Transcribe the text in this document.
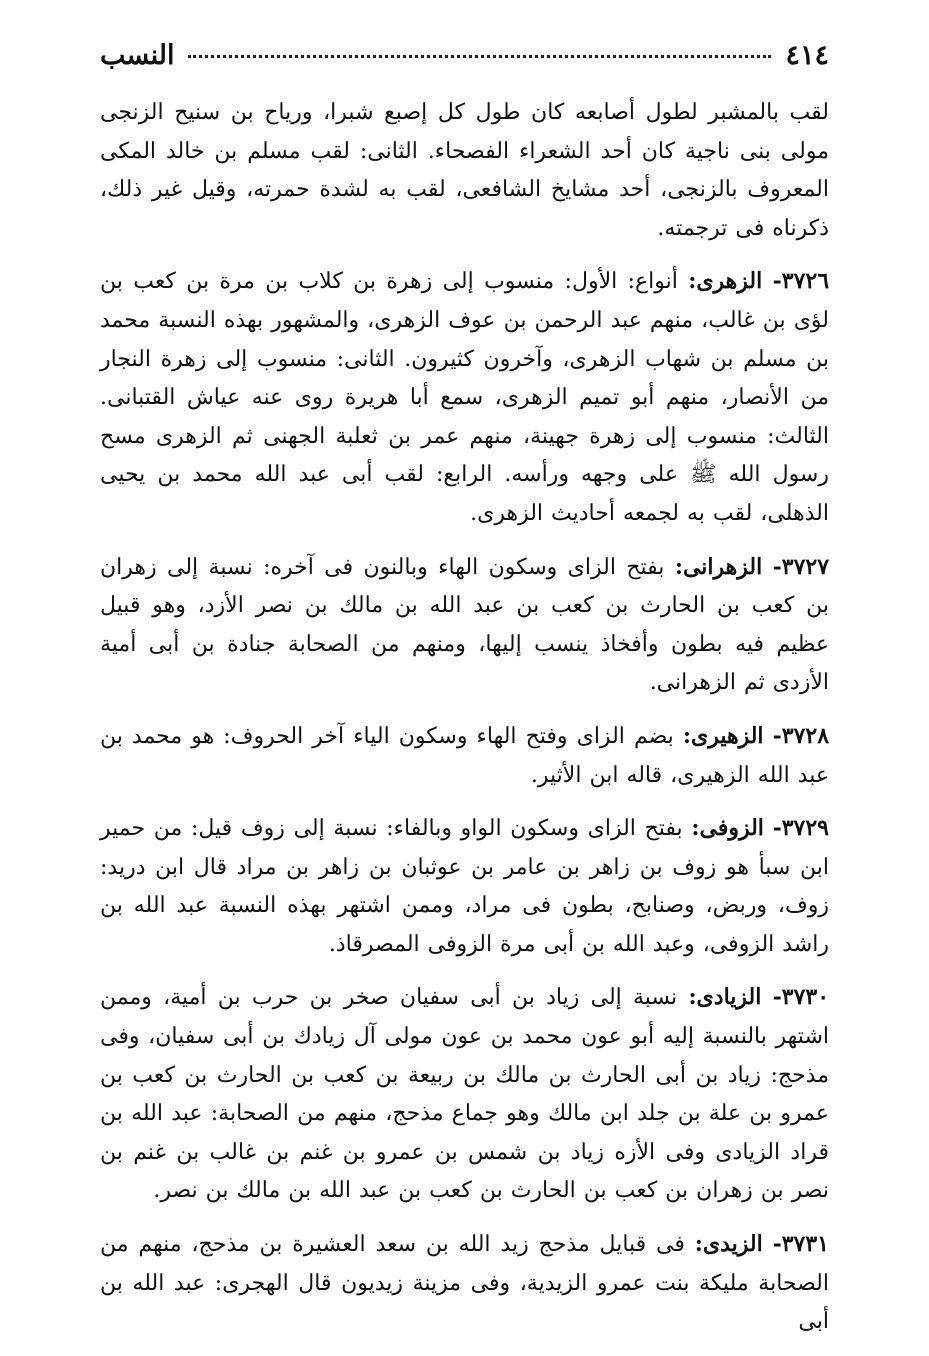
٤١٤
النسب

لقب بالمشبر لطول أصابعه كان طول كل إصبع شبرا، ورياح بن سنيح الزنجى مولى بنى ناجية كان أحد الشعراء الفصحاء. الثانى: لقب مسلم بن خالد المكى المعروف بالزنجى، أحد مشايخ الشافعى، لقب به لشدة حمرته، وقيل غير ذلك، ذكرناه فى ترجمته.

٣٧٢٦- الزهرى: أنواع: الأول: منسوب إلى زهرة بن كلاب بن مرة بن كعب بن لؤى بن غالب، منهم عبد الرحمن بن عوف الزهرى، والمشهور بهذه النسبة محمد بن مسلم بن شهاب الزهرى، وآخرون كثيرون. الثانى: منسوب إلى زهرة النجار من الأنصار، منهم أبو تميم الزهرى، سمع أبا هريرة روى عنه عياش القتبانى. الثالث: منسوب إلى زهرة جهينة، منهم عمر بن ثعلبة الجهنى ثم الزهرى مسح رسول الله ﷺ على وجهه ورأسه. الرابع: لقب أبى عبد الله محمد بن يحيى الذهلى، لقب به لجمعه أحاديث الزهرى.

٣٧٢٧- الزهرانى: بفتح الزاى وسكون الهاء وبالنون فى آخره: نسبة إلى زهران بن كعب بن الحارث بن كعب بن عبد الله بن مالك بن نصر الأزد، وهو قبيل عظيم فيه بطون وأفخاذ ينسب إليها، ومنهم من الصحابة جنادة بن أبى أمية الأزدى ثم الزهرانى.

٣٧٢٨- الزهيرى: بضم الزاى وفتح الهاء وسكون الياء آخر الحروف: هو محمد بن عبد الله الزهيرى، قاله ابن الأثير.

٣٧٢٩- الزوفى: بفتح الزاى وسكون الواو وبالفاء: نسبة إلى زوف قيل: من حمير ابن سبأ هو زوف بن زاهر بن عامر بن عوثبان بن زاهر بن مراد قال ابن دريد: زوف، وربض، وصنابح، بطون فى مراد، وممن اشتهر بهذه النسبة عبد الله بن راشد الزوفى، وعبد الله بن أبى مرة الزوفى المصرقاذ.

٣٧٣٠- الزيادى: نسبة إلى زياد بن أبى سفيان صخر بن حرب بن أمية، وممن اشتهر بالنسبة إليه أبو عون محمد بن عون مولى آل زيادك بن أبى سفيان، وفى مذحج: زياد بن أبى الحارث بن مالك بن ربيعة بن كعب بن الحارث بن كعب بن عمرو بن علة بن جلد ابن مالك وهو جماع مذحج، منهم من الصحابة: عبد الله بن قراد الزيادى وفى الأزه زياد بن شمس بن عمرو بن غنم بن غالب بن غنم بن نصر بن زهران بن كعب بن الحارث بن كعب بن عبد الله بن مالك بن نصر.

٣٧٣١- الزيدى: فى قبايل مذحج زيد الله بن سعد العشيرة بن مذحج، منهم من الصحابة مليكة بنت عمرو الزيدية، وفى مزينة زيديون قال الهجرى: عبد الله بن أبى
